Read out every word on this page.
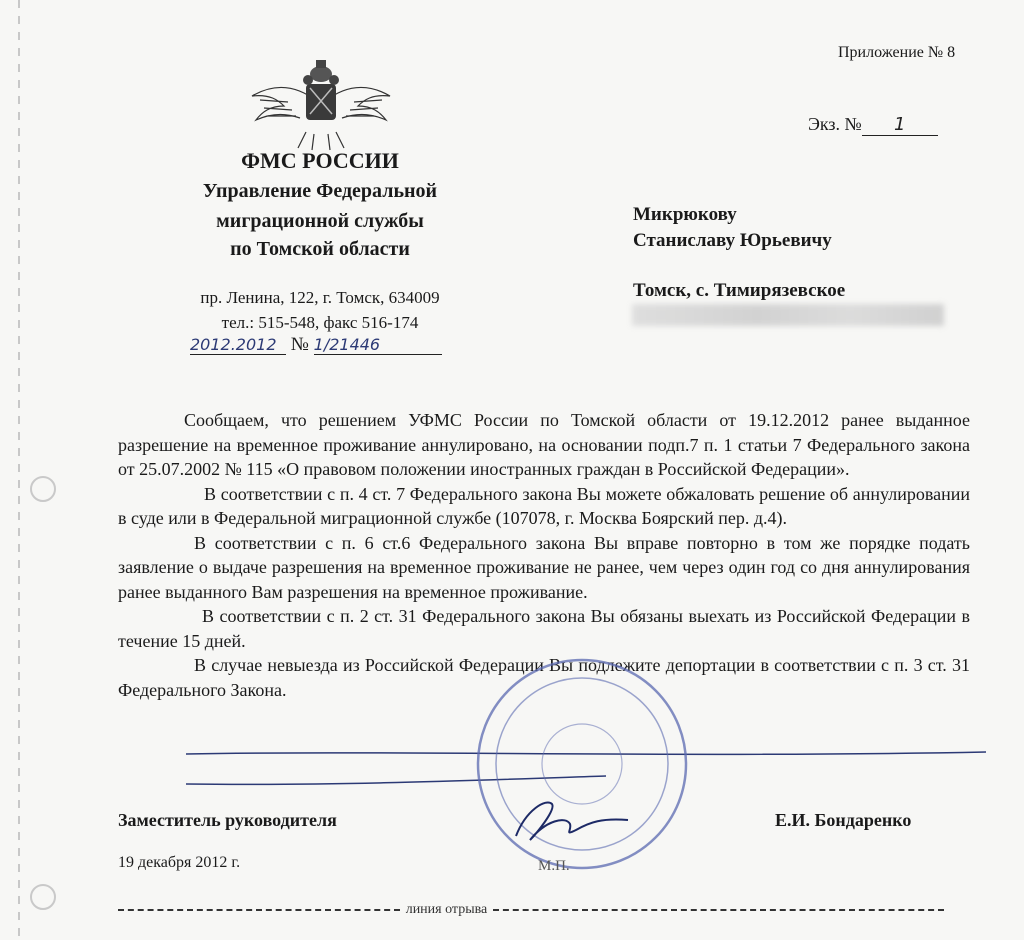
Приложение № 8
Экз. № 1
ФМС РОССИИ
Управление Федеральной
миграционной службы
по Томской области
пр. Ленина, 122, г. Томск, 634009
тел.: 515-548, факс 516-174
2012.2012 № 1/21446
Микрюкову
Станиславу Юрьевичу
Томск, с. Тимирязевское

Сообщаем, что решением УФМС России по Томской области от 19.12.2012 ранее выданное разрешение на временное проживание аннулировано, на основании подп.7 п. 1 статьи 7 Федерального закона от 25.07.2002 № 115 «О правовом положении иностранных граждан в Российской Федерации».

В соответствии с п. 4 ст. 7 Федерального закона Вы можете обжаловать решение об аннулировании в суде или в Федеральной миграционной службе (107078, г. Москва Боярский пер. д.4).

В соответствии с п. 6 ст.6 Федерального закона Вы вправе повторно в том же порядке подать заявление о выдаче разрешения на временное проживание не ранее, чем через один год со дня аннулирования ранее выданного Вам разрешения на временное проживание.

В соответствии с п. 2 ст. 31 Федерального закона Вы обязаны выехать из Российской Федерации в течение 15 дней.

В случае невыезда из Российской Федерации Вы подлежите депортации в соответствии с п. 3 ст. 31 Федерального Закона.

Заместитель руководителя	Е.И. Бондаренко
19 декабря 2012 г.	М.П.
линия отрыва
